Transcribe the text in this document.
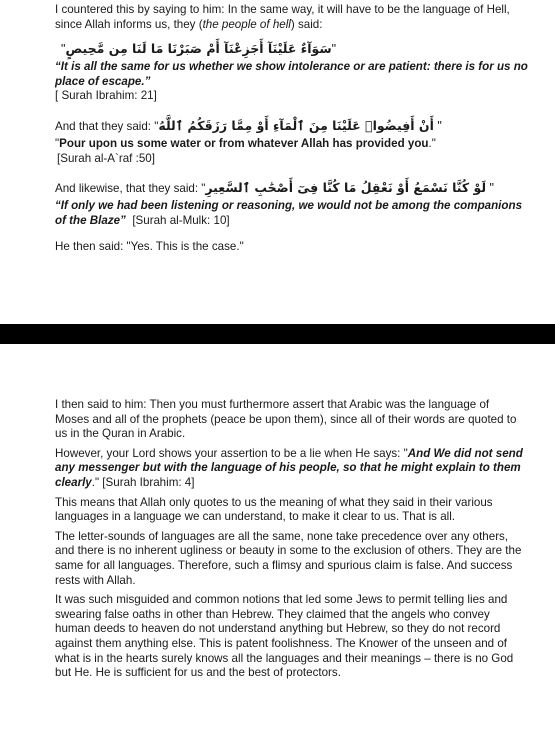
I countered this by saying to him: In the same way, it will have to be the language of Hell,
since Allah informs us, they (the people of hell) said:

"سَوَآءٌ عَلَيْنَآ أَجَزِعْنَآ أَمْ صَبَرْنَا مَا لَنَا مِن مَّحِيصٍ"

“It is all the same for us whether we show intolerance or are patient: there is for us no place of escape.”

[ Surah Ibrahim: 21]

And that they said: "أَنْ أَفِيضُوا۟ عَلَيْنَا مِنَ ٱلْمَآءِ أَوْ مِمَّا رَزَقَكُمُ ٱللَّهُ "

"Pour upon us some water or from whatever Allah has provided you."

[Surah al-A`raf :50]

And likewise, that they said: "لَوْ كُنَّا نَسْمَعُ أَوْ نَعْقِلُ مَا كُنَّا فِىٓ أَصْحَٰبِ ٱلسَّعِيرِ "

“If only we had been listening or reasoning, we would not be among the companions of the Blaze” [Surah al-Mulk: 10]

He then said: "Yes. This is the case."

I then said to him: Then you must furthermore assert that Arabic was the language of Moses and all of the prophets (peace be upon them), since all of their words are quoted to us in the Quran in Arabic.

However, your Lord shows your assertion to be a lie when He says: "And We did not send any messenger but with the language of his people, so that he might explain to them clearly." [Surah Ibrahim: 4]

This means that Allah only quotes to us the meaning of what they said in their various languages in a language we can understand, to make it clear to us. That is all.

The letter-sounds of languages are all the same, none take precedence over any others, and there is no inherent ugliness or beauty in some to the exclusion of others. They are the same for all languages. Therefore, such a flimsy and spurious claim is false. And success rests with Allah.

It was such misguided and common notions that led some Jews to permit telling lies and swearing false oaths in other than Hebrew. They claimed that the angels who convey human deeds to heaven do not understand anything but Hebrew, so they do not record against them anything else. This is patent foolishness. The Knower of the unseen and of what is in the hearts surely knows all the languages and their meanings – there is no God but He. He is sufficient for us and the best of protectors.
